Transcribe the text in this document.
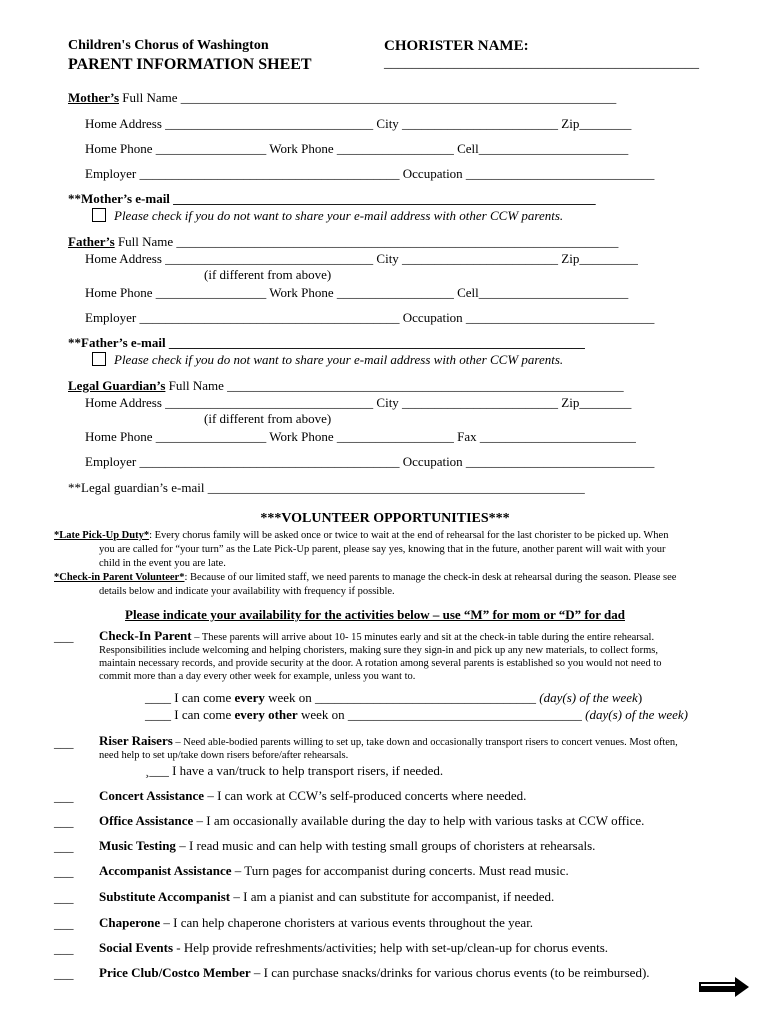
Children's Chorus of Washington
PARENT INFORMATION SHEET
CHORISTER NAME:
_____________________________________________
Mother’s Full Name ___________________________________________________________________
Home Address ________________________________ City ________________________ Zip________
Home Phone _________________ Work Phone __________________ Cell_______________________
Employer ________________________________________ Occupation _____________________________
**Mother’s e-mail _________________________________________________________________
Please check if you do not want to share your e-mail address with other CCW parents.
Father’s Full Name ____________________________________________________________________
Home Address ________________________________ City ________________________ Zip_________
(if different from above)
Home Phone _________________ Work Phone __________________ Cell_______________________
Employer ________________________________________ Occupation _____________________________
**Father’s e-mail ________________________________________________________________
Please check if you do not want to share your e-mail address with other CCW parents.
Legal Guardian’s Full Name _____________________________________________________________
Home Address ________________________________ City ________________________ Zip________
(if different from above)
Home Phone _________________ Work Phone __________________ Fax ________________________
Employer ________________________________________ Occupation _____________________________
**Legal guardian’s e-mail __________________________________________________________
***VOLUNTEER OPPORTUNITIES***
*Late Pick-Up Duty*: Every chorus family will be asked once or twice to wait at the end of rehearsal for the last chorister to be picked up. When
you are called for “your turn” as the Late Pick-Up parent, please say yes, knowing that in the future, another parent will wait with your
child in the event you are late.
*Check-in Parent Volunteer*: Because of our limited staff, we need parents to manage the check-in desk at rehearsal during the season. Please see
details below and indicate your availability with frequency if possible.
Please indicate your availability for the activities below – use “M” for mom or “D” for dad
___ Check-In Parent – These parents will arrive about 10- 15 minutes early and sit at the check-in table during the entire rehearsal.
Responsibilities include welcoming and helping choristers, making sure they sign-in and pick up any new materials, to collect forms,
maintain necessary records, and provide security at the door. A rotation among several parents is established so you would not need to
commit more than a day every other week for example, unless you want to.
____ I can come every week on __________________________________ (day(s) of the week)
____ I can come every other week on ____________________________________ (day(s) of the week)
___ Riser Raisers – Need able-bodied parents willing to set up, take down and occasionally transport risers to concert venues. Most often,
need help to set up/take down risers before/after rehearsals.
¸___ I have a van/truck to help transport risers, if needed.
___ Concert Assistance – I can work at CCW’s self-produced concerts where needed.
___ Office Assistance – I am occasionally available during the day to help with various tasks at CCW office.
___ Music Testing – I read music and can help with testing small groups of choristers at rehearsals.
___ Accompanist Assistance – Turn pages for accompanist during concerts. Must read music.
___ Substitute Accompanist – I am a pianist and can substitute for accompanist, if needed.
___ Chaperone – I can help chaperone choristers at various events throughout the year.
___ Social Events - Help provide refreshments/activities; help with set-up/clean-up for chorus events.
___ Price Club/Costco Member – I can purchase snacks/drinks for various chorus events (to be reimbursed).
